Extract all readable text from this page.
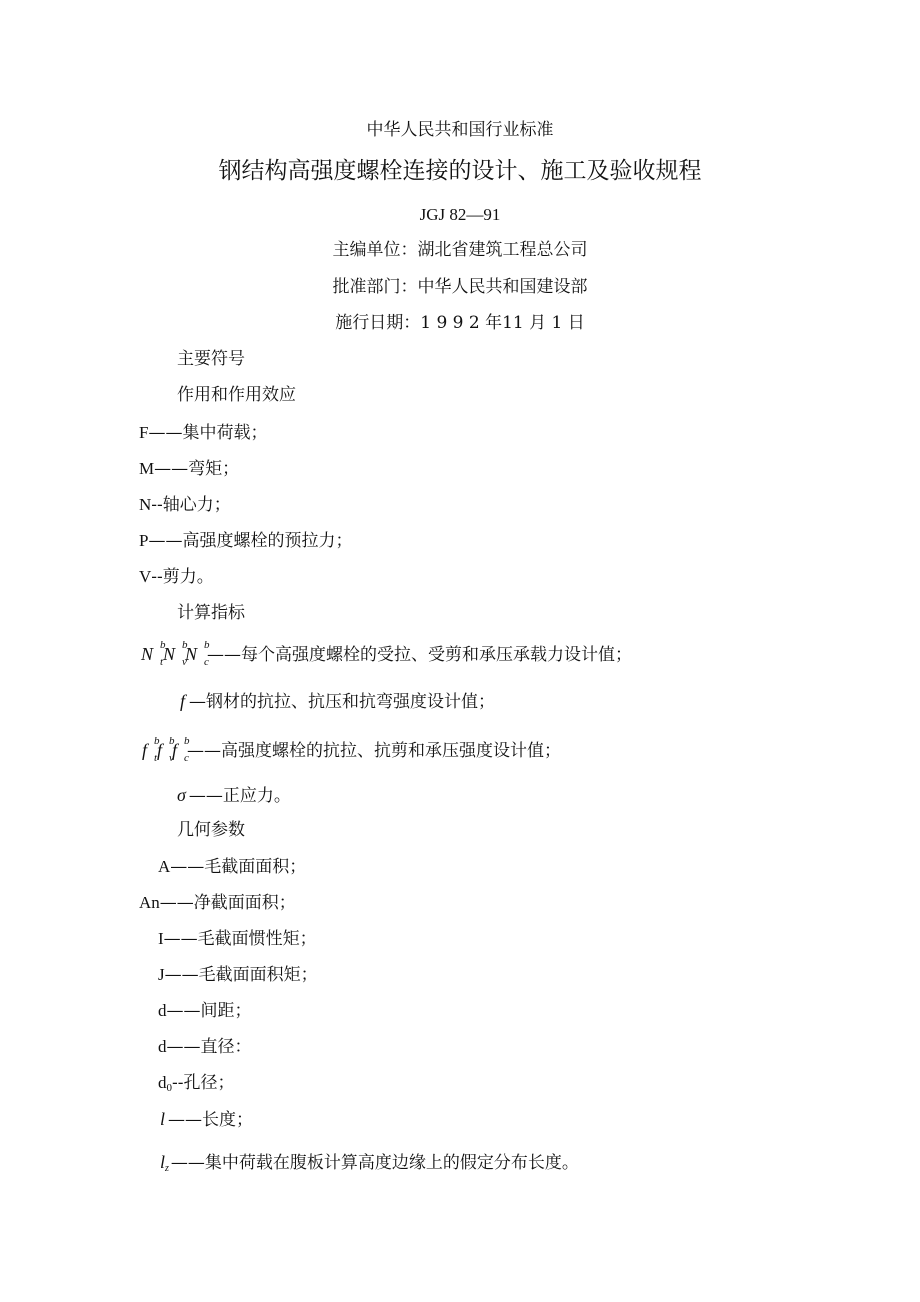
中华人民共和国行业标准
钢结构高强度螺栓连接的设计、施工及验收规程
JGJ 82—91
主编单位：湖北省建筑工程总公司
批准部门：中华人民共和国建设部
施行日期：1 9 9 2 年11 月 1 日
主要符号
作用和作用效应
F——集中荷载；
M——弯矩；
N--轴心力；
P——高强度螺栓的预拉力；
V--剪力。
计算指标
N b
t N b
v
N b
c
——每个高强度螺栓的受拉、受剪和承压承载力设计值；
f —钢材的抗拉、抗压和抗弯强度设计值；
f b
t f b
v
f b
c
——高强度螺栓的抗拉、抗剪和承压强度设计值；
σ ——正应力。
几何参数
A——毛截面面积；
An——净截面面积；
I——毛截面惯性矩；
J——毛截面面积矩；
d——间距；
d——直径：
$d_0--$孔径；
l ——长度；
$l_z$ ——集中荷载在腹板计算高度边缘上的假定分布长度。
